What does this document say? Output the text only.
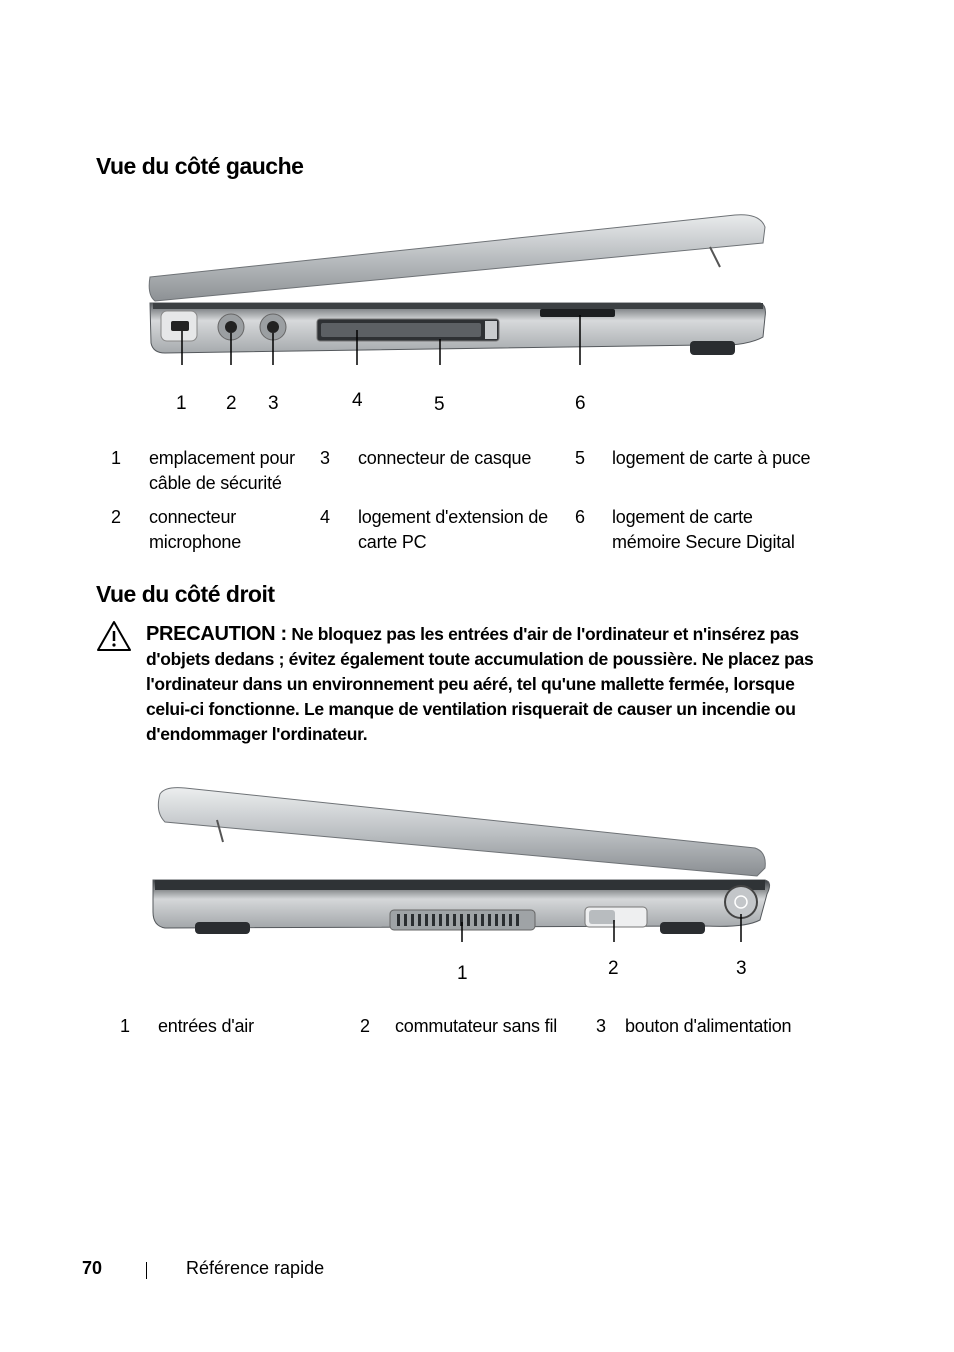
Vue du côté gauche
1 2 3	4	5	6
1 emplacement pour câble de sécurité
2 connecteur microphone
3 connecteur de casque
4 logement d'extension de carte PC
5 logement de carte à puce
6 logement de carte mémoire Secure Digital
Vue du côté droit
PRECAUTION : Ne bloquez pas les entrées d'air de l'ordinateur et n'insérez pas d'objets dedans ; évitez également toute accumulation de poussière. Ne placez pas l'ordinateur dans un environnement peu aéré, tel qu'une mallette fermée, lorsque celui-ci fonctionne. Le manque de ventilation risquerait de causer un incendie ou d'endommager l'ordinateur.
1	2	3
1 entrées d'air	2 commutateur sans fil 3 bouton d'alimentation
70	Référence rapide
